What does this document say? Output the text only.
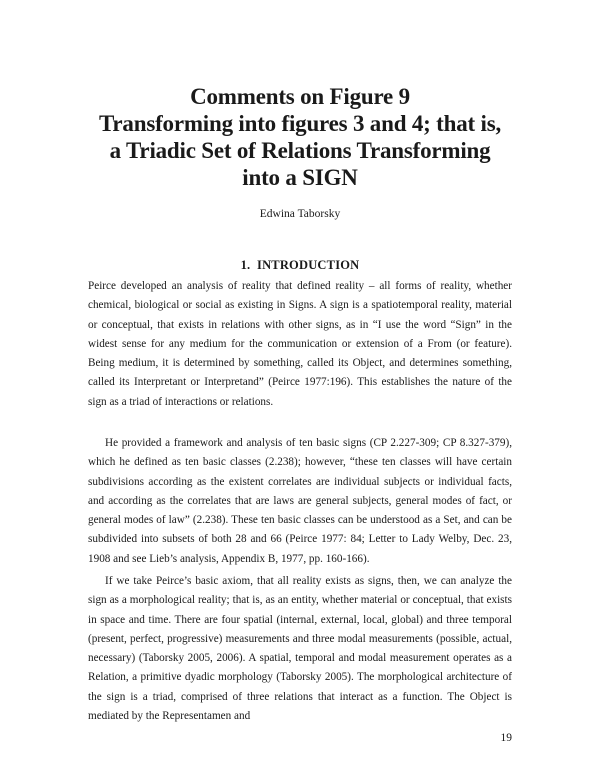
Comments on Figure 9
Transforming into figures 3 and 4; that is,
a Triadic Set of Relations Transforming
into a SIGN
Edwina Taborsky
1. INTRODUCTION

Peirce developed an analysis of reality that defined reality – all forms of reality, whether chemical, biological or social as existing in Signs. A sign is a spatiotemporal reality, material or conceptual, that exists in relations with other signs, as in “I use the word “Sign” in the widest sense for any medium for the communication or extension of a From (or feature). Being medium, it is determined by something, called its Object, and determines something, called its Interpretant or Interpretand” (Peirce 1977:196). This establishes the nature of the sign as a triad of interactions or relations.

He provided a framework and analysis of ten basic signs (CP 2.227-309; CP 8.327-379), which he defined as ten basic classes (2.238); however, “these ten classes will have certain subdivisions according as the existent correlates are individual subjects or individual facts, and according as the correlates that are laws are general subjects, general modes of fact, or general modes of law” (2.238). These ten basic classes can be understood as a Set, and can be subdivided into subsets of both 28 and 66 (Peirce 1977: 84; Letter to Lady Welby, Dec. 23, 1908 and see Lieb’s analysis, Appendix B, 1977, pp. 160-166).

If we take Peirce’s basic axiom, that all reality exists as signs, then, we can analyze the sign as a morphological reality; that is, as an entity, whether material or conceptual, that exists in space and time. There are four spatial (internal, external, local, global) and three temporal (present, perfect, progressive) measurements and three modal measurements (possible, actual, necessary) (Taborsky 2005, 2006). A spatial, temporal and modal measurement operates as a Relation, a primitive dyadic morphology (Taborsky 2005). The morphological architecture of the sign is a triad, comprised of three relations that interact as a function. The Object is mediated by the Representamen and

19
